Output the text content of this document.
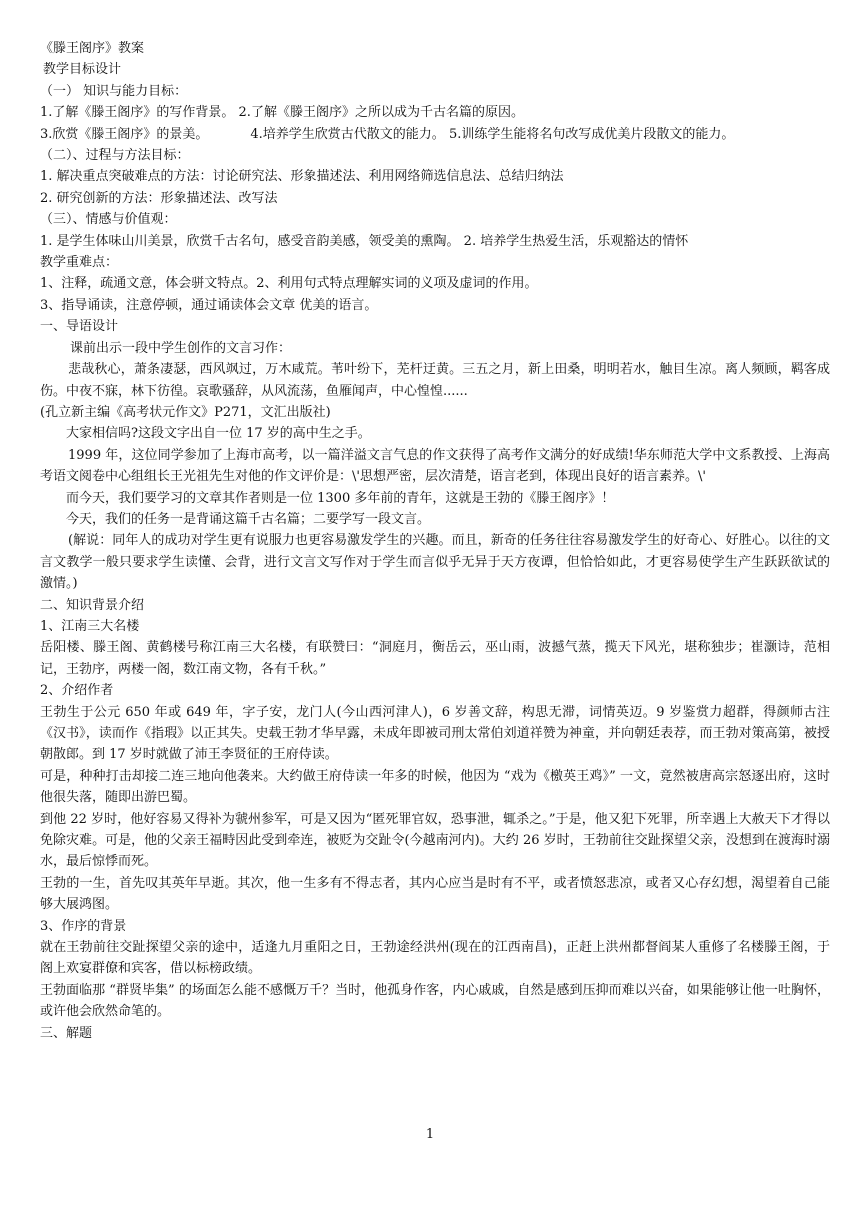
《滕王阁序》教案
教学目标设计
（一） 知识与能力目标：
1.了解《滕王阁序》的写作背景。 2.了解《滕王阁序》之所以成为千古名篇的原因。
3.欣赏《滕王阁序》的景美。	4.培养学生欣赏古代散文的能力。 5.训练学生能将名句改写成优美片段散文的能力。
（二）、过程与方法目标：
1. 解决重点突破难点的方法：讨论研究法、形象描述法、利用网络筛选信息法、总结归纳法
2. 研究创新的方法：形象描述法、改写法
（三）、情感与价值观：
1. 是学生体味山川美景，欣赏千古名句，感受音韵美感，领受美的熏陶。 2. 培养学生热爱生活，乐观豁达的情怀
教学重难点：
1、注释，疏通文意，体会骈文特点。2、利用句式特点理解实词的义项及虚词的作用。
3、指导诵读，注意停顿，通过诵读体会文章 优美的语言。
一、导语设计
课前出示一段中学生创作的文言习作：
悲哉秋心，萧条凄瑟，西风飒过，万木咸荒。苇叶纷下，芜杆迂黄。三五之月，新上田桑，明明若水，触目生凉。离人频顾，羁客成伤。中夜不寐，林下彷徨。哀歌骚辞，从风流荡，鱼雁闻声，中心惶惶......
(孔立新主编《高考状元作文》P271，文汇出版社)
大家相信吗?这段文字出自一位 17 岁的高中生之手。
1999 年，这位同学参加了上海市高考，以一篇洋溢文言气息的作文获得了高考作文满分的好成绩!华东师范大学中文系教授、上海高考语文阅卷中心组组长王光祖先生对他的作文评价是：\'思想严密，层次清楚，语言老到，体现出良好的语言素养。\'
而今天，我们要学习的文章其作者则是一位 1300 多年前的青年，这就是王勃的《滕王阁序》！
今天，我们的任务一是背诵这篇千古名篇；二要学写一段文言。
(解说：同年人的成功对学生更有说服力也更容易激发学生的兴趣。而且，新奇的任务往往容易激发学生的好奇心、好胜心。以往的文言文教学一般只要求学生读懂、会背，进行文言文写作对于学生而言似乎无异于天方夜谭，但恰恰如此，才更容易使学生产生跃跃欲试的激情。)
二、知识背景介绍
1、江南三大名楼
岳阳楼、滕王阁、黄鹤楼号称江南三大名楼，有联赞曰：“洞庭月，衡岳云，巫山雨，波撼气蒸，揽天下风光，堪称独步；崔灏诗，范相记，王勃序，两楼一阁，数江南文物，各有千秋。”
2、介绍作者
王勃生于公元 650 年或 649 年，字子安，龙门人(今山西河津人)，6 岁善文辞，构思无滞，词情英迈。9 岁鉴赏力超群，得颜师古注《汉书》，读而作《指瑕》以正其失。史载王勃才华早露，未成年即被司刑太常伯刘道祥赞为神童，并向朝廷表荐，而王勃对策高第，被授朝散郎。到 17 岁时就做了沛王李贤征的王府侍读。
可是，种种打击却接二连三地向他袭来。大约做王府侍读一年多的时候，他因为 “戏为《檄英王鸡》” 一文，竟然被唐高宗怒逐出府，这时他很失落，随即出游巴蜀。
到他 22 岁时，他好容易又得补为虢州参军，可是又因为“匿死罪官奴，恐事泄，辄杀之。”于是，他又犯下死罪，所幸遇上大赦天下才得以免除灾难。可是，他的父亲王福畤因此受到牵连，被贬为交趾令(今越南河内)。大约 26 岁时，王勃前往交趾探望父亲，没想到在渡海时溺水，最后惊悸而死。
王勃的一生，首先叹其英年早逝。其次，他一生多有不得志者，其内心应当是时有不平，或者愤怒悲凉，或者又心存幻想，渴望着自己能够大展鸿图。
3、作序的背景
就在王勃前往交趾探望父亲的途中，适逢九月重阳之日，王勃途经洪州(现在的江西南昌)，正赶上洪州都督阎某人重修了名楼滕王阁，于阁上欢宴群僚和宾客，借以标榜政绩。
王勃面临那 “群贤毕集” 的场面怎么能不感慨万千？当时，他孤身作客，内心戚戚，自然是感到压抑而难以兴奋，如果能够让他一吐胸怀，或许他会欣然命笔的。
三、解题
1
